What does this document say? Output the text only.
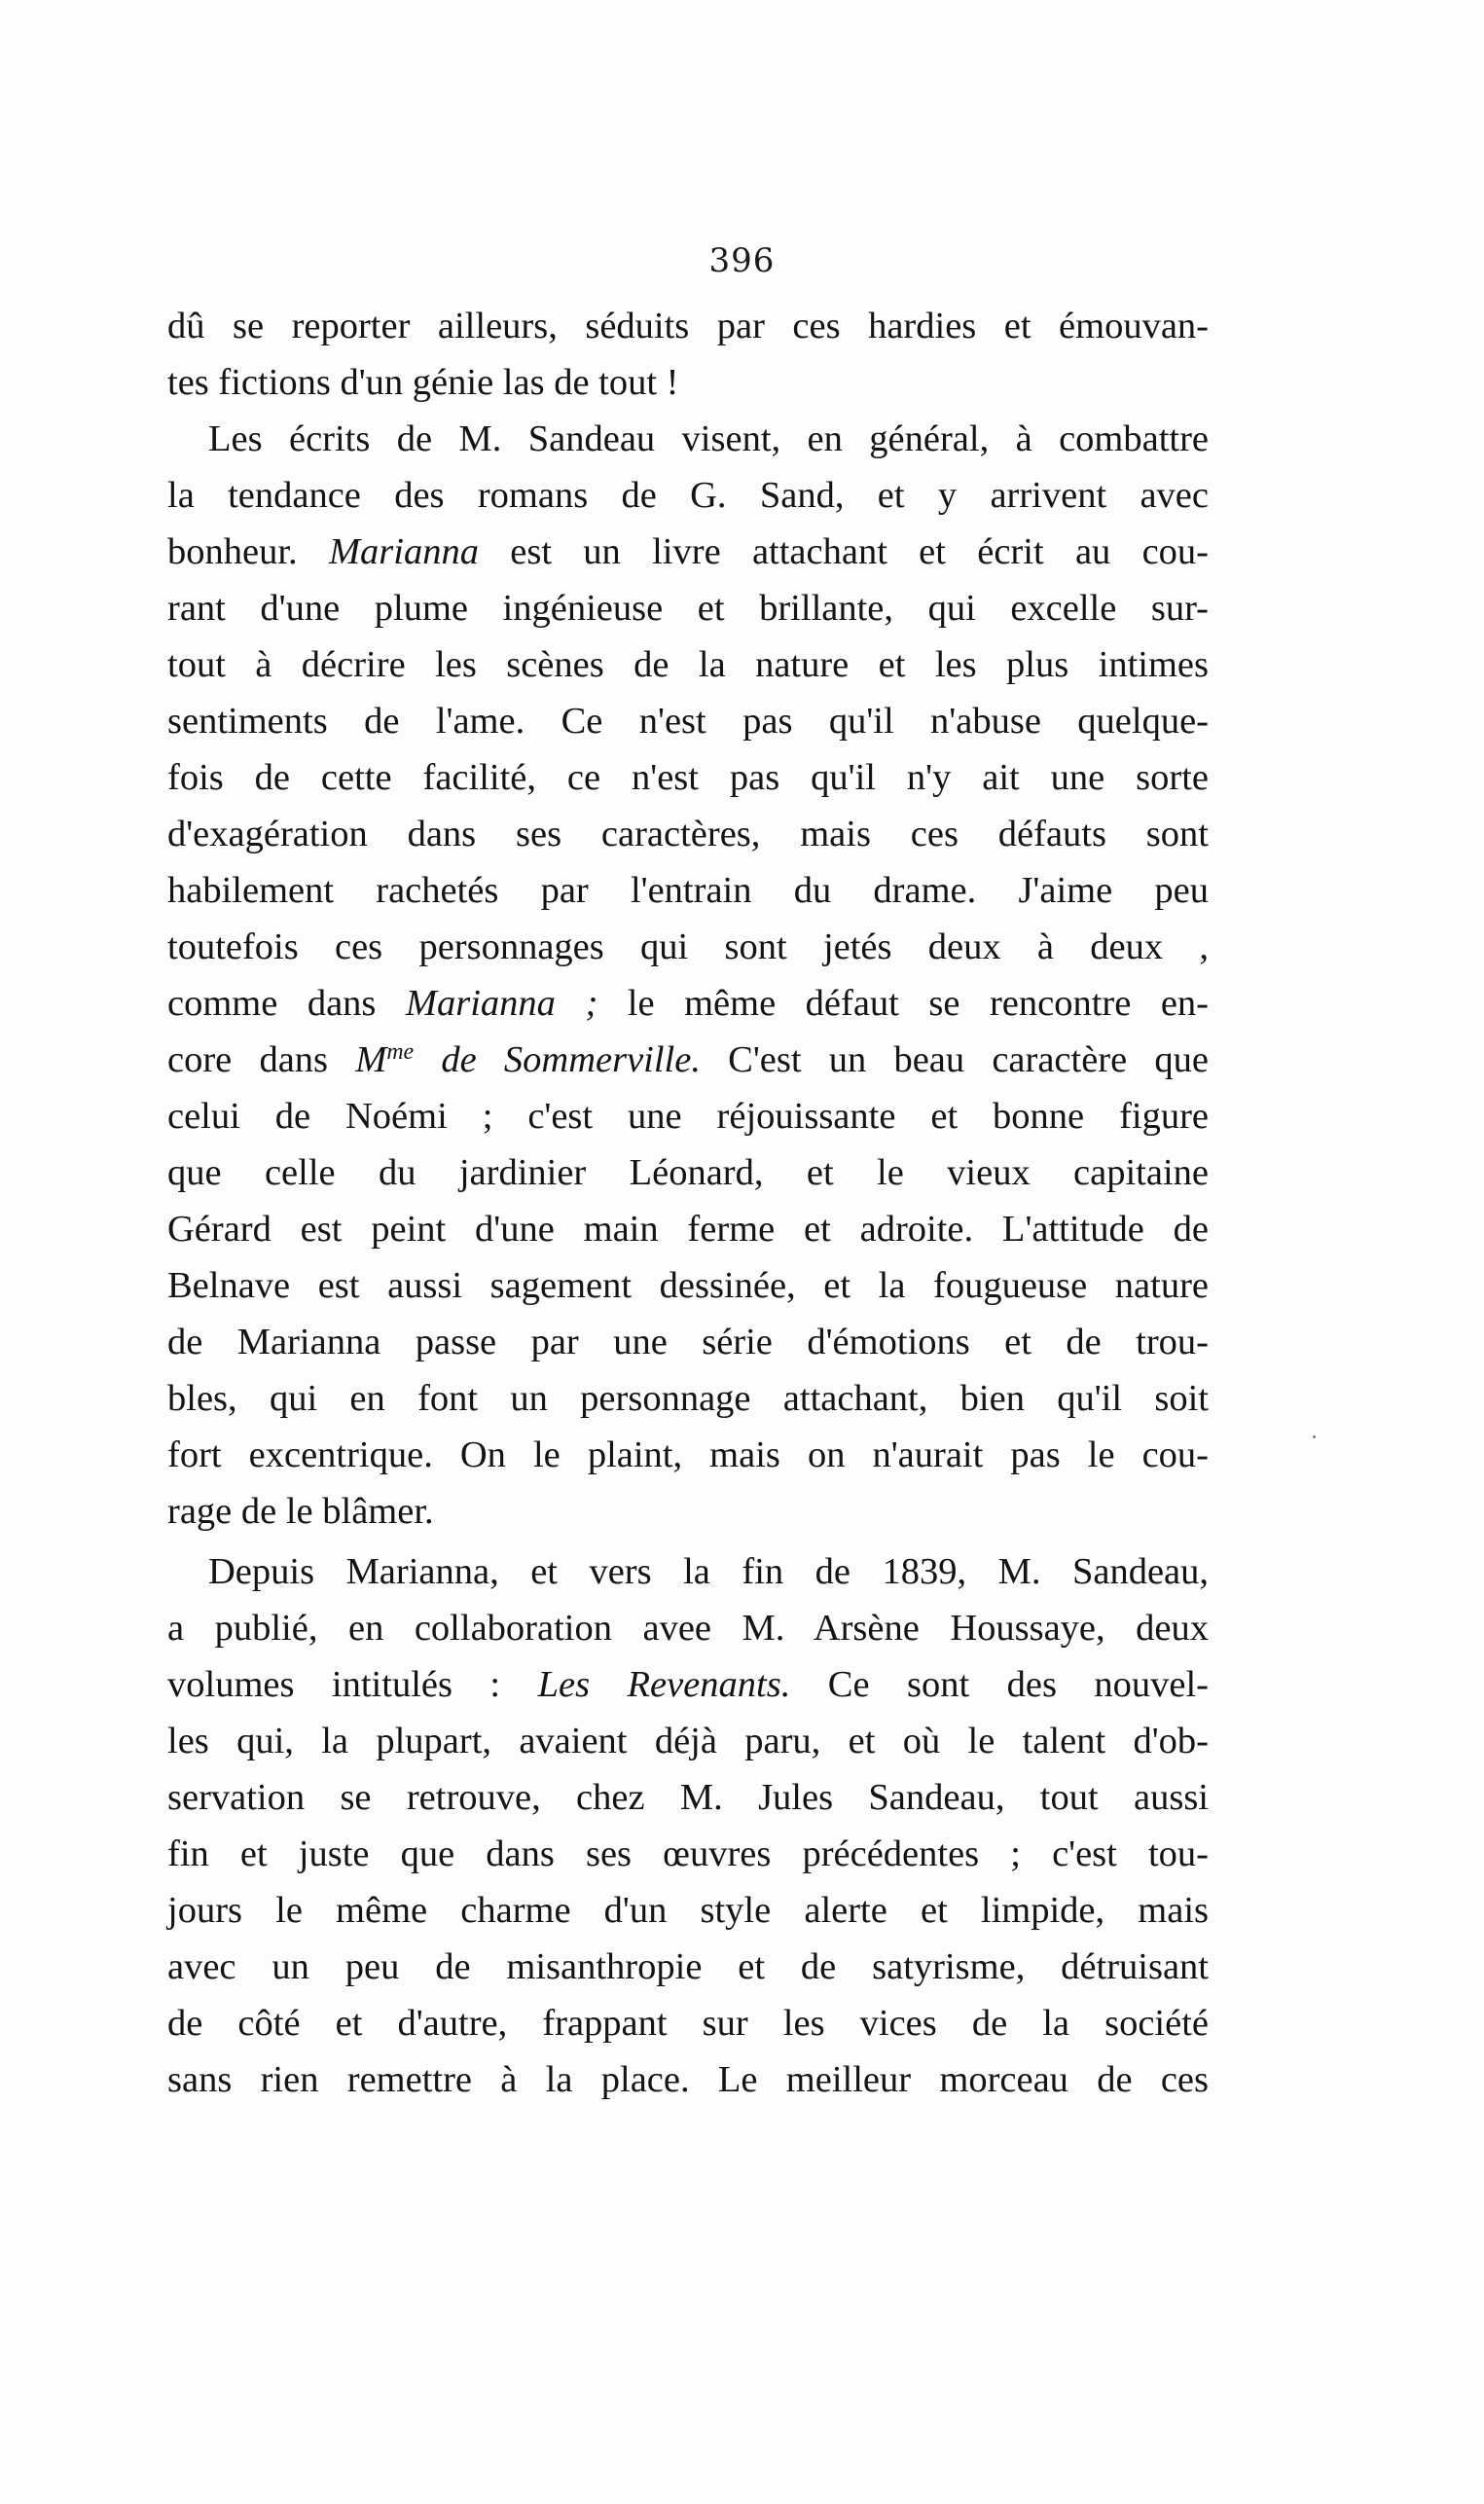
396
dû se reporter ailleurs, séduits par ces hardies et émouvan-
tes fictions d'un génie las de tout !
Les écrits de M. Sandeau visent, en général, à combattre
la tendance des romans de G. Sand, et y arrivent avec
bonheur. Marianna est un livre attachant et écrit au cou-
rant d'une plume ingénieuse et brillante, qui excelle sur-
tout à décrire les scènes de la nature et les plus intimes
sentiments de l'ame. Ce n'est pas qu'il n'abuse quelque-
fois de cette facilité, ce n'est pas qu'il n'y ait une sorte
d'exagération dans ses caractères, mais ces défauts sont
habilement rachetés par l'entrain du drame. J'aime peu
toutefois ces personnages qui sont jetés deux à deux ,
comme dans Marianna ; le même défaut se rencontre en-
core dans $M^{me}$ de Sommerville. C'est un beau caractère que
celui de Noémi ; c'est une réjouissante et bonne figure
que celle du jardinier Léonard, et le vieux capitaine
Gérard est peint d'une main ferme et adroite. L'attitude de
Belnave est aussi sagement dessinée, et la fougueuse nature
de Marianna passe par une série d'émotions et de trou-
bles, qui en font un personnage attachant, bien qu'il soit
fort excentrique. On le plaint, mais on n'aurait pas le cou-
rage de le blâmer.
Depuis Marianna, et vers la fin de 1839, M. Sandeau,
a publié, en collaboration avee M. Arsène Houssaye, deux
volumes intitulés : Les Revenants. Ce sont des nouvel-
les qui, la plupart, avaient déjà paru, et où le talent d'ob-
servation se retrouve, chez M. Jules Sandeau, tout aussi
fin et juste que dans ses œuvres précédentes ; c'est tou-
jours le même charme d'un style alerte et limpide, mais
avec un peu de misanthropie et de satyrisme, détruisant
de côté et d'autre, frappant sur les vices de la société
sans rien remettre à la place. Le meilleur morceau de ces
